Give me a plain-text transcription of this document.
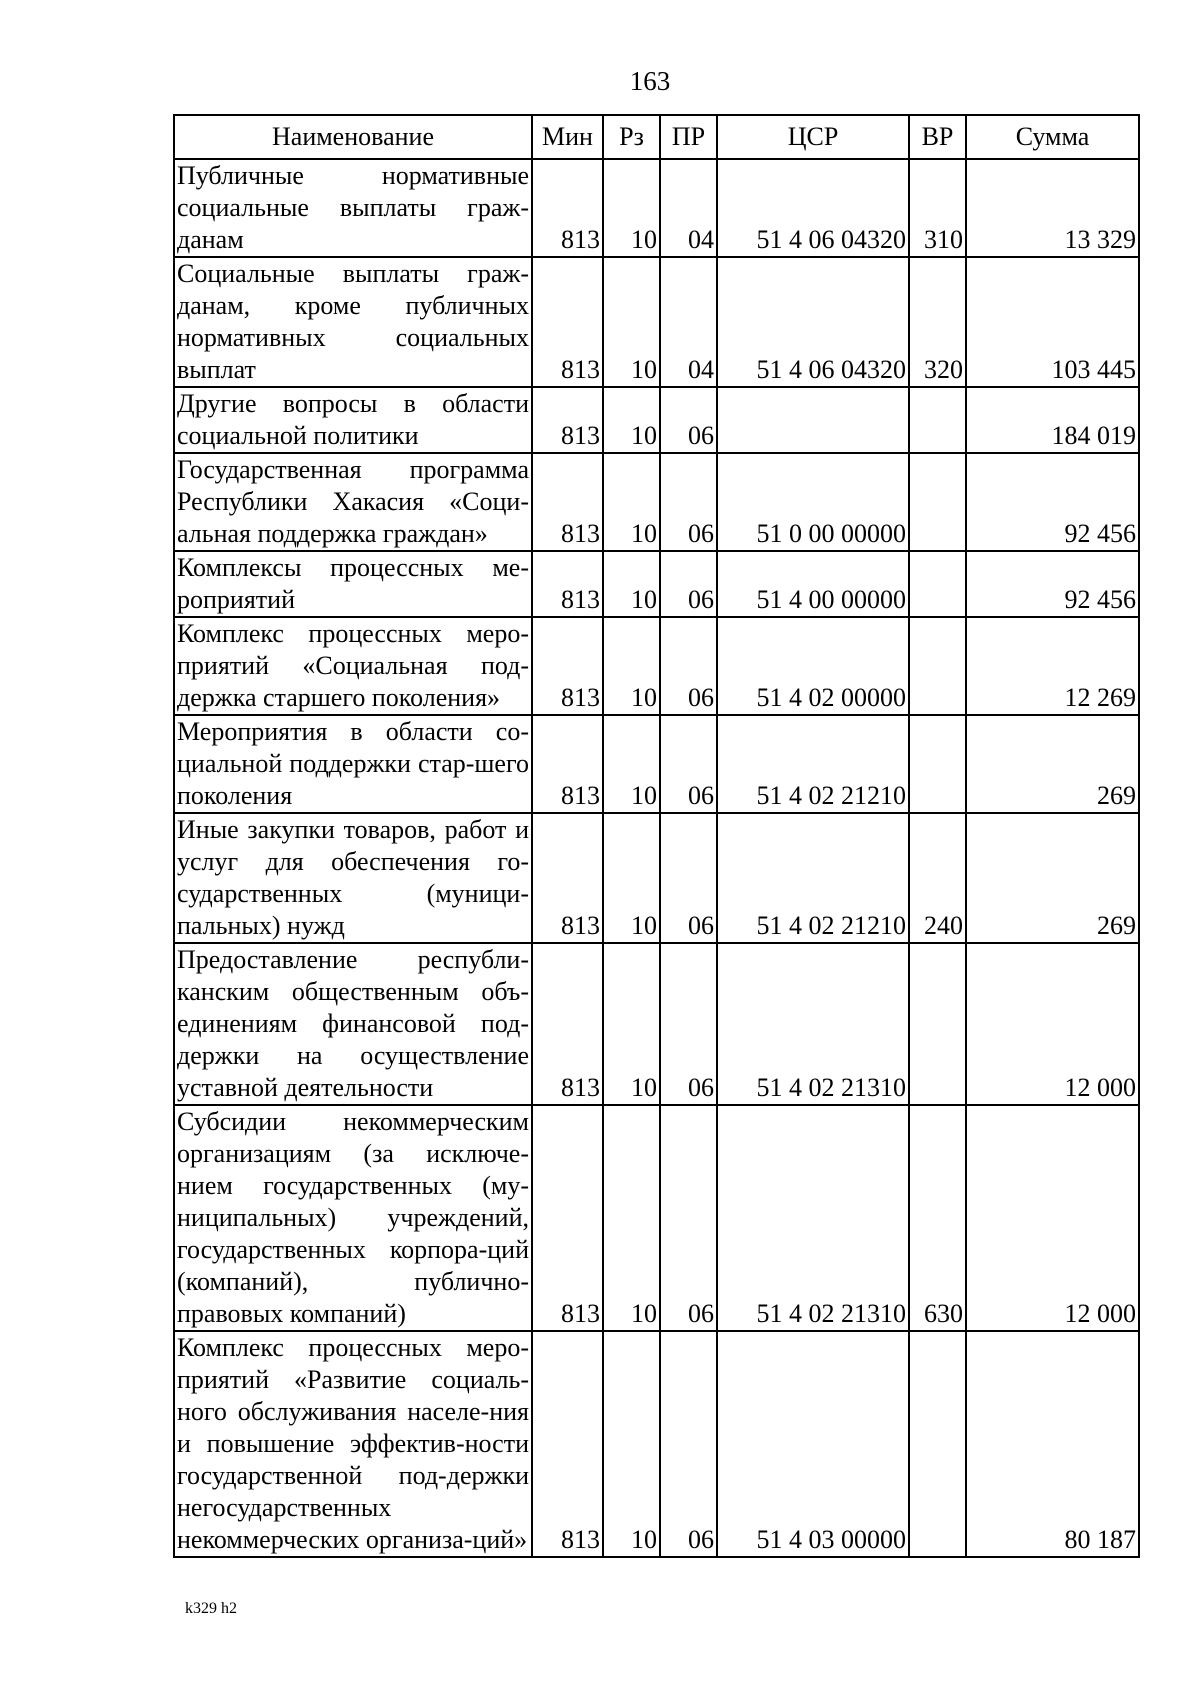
163
Наименование	Мин	Рз	ПР	ЦСР	ВР	Сумма
Публичные нормативные социальные выплаты граж-данам	813	10	04	51 4 06 04320	310	13 329
Социальные выплаты граж-данам, кроме публичных нормативных социальных выплат	813	10	04	51 4 06 04320	320	103 445
Другие вопросы в области социальной политики	813	10	06			184 019
Государственная программа Республики Хакасия «Соци-альная поддержка граждан»	813	10	06	51 0 00 00000		92 456
Комплексы процессных ме-роприятий	813	10	06	51 4 00 00000		92 456
Комплекс процессных меро-приятий «Социальная под-держка старшего поколения»	813	10	06	51 4 02 00000		12 269
Мероприятия в области со-циальной поддержки стар-шего поколения	813	10	06	51 4 02 21210		269
Иные закупки товаров, работ и услуг для обеспечения го-сударственных (муници-пальных) нужд	813	10	06	51 4 02 21210	240	269
Предоставление республи-канским общественным объ-единениям финансовой под-держки на осуществление уставной деятельности	813	10	06	51 4 02 21310		12 000
Субсидии некоммерческим организациям (за исключе-нием государственных (му-ниципальных) учреждений, государственных корпора-ций (компаний), публично-правовых компаний)	813	10	06	51 4 02 21310	630	12 000
Комплекс процессных меро-приятий «Развитие социаль-ного обслуживания населе-ния и повышение эффектив-ности государственной под-держки негосударственных некоммерческих организа-ций»	813	10	06	51 4 03 00000		80 187
k329 h2
